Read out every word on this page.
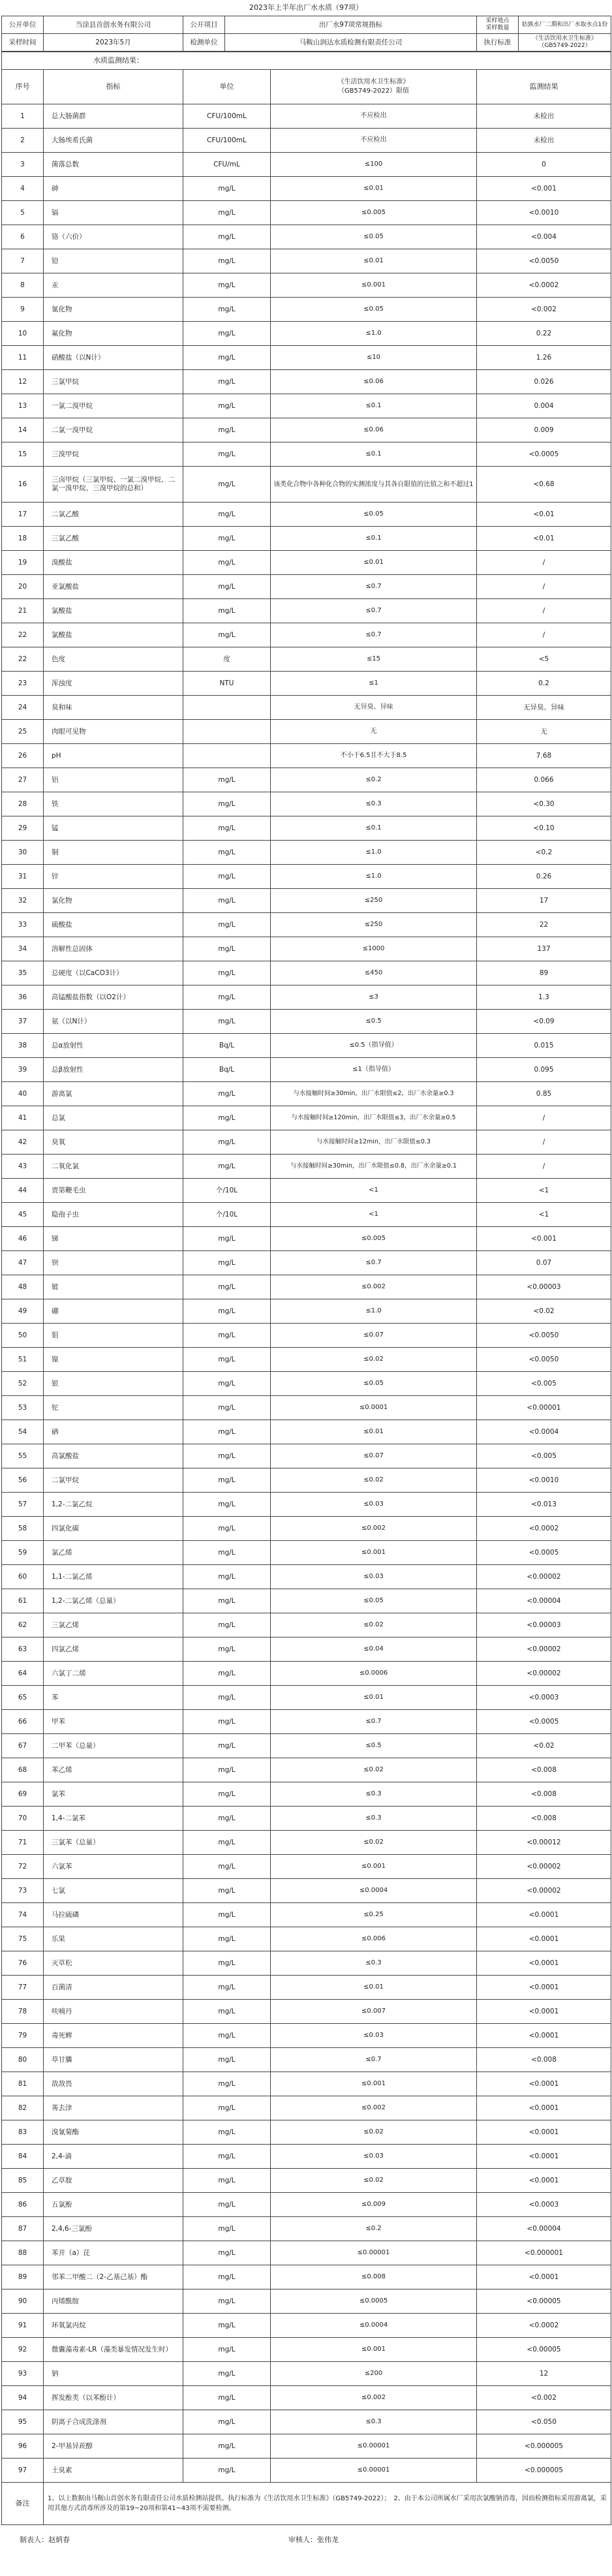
2023年上半年出厂水水质（97项）
公开单位	当涂县首创水务有限公司	公开项目	出厂水97项常规指标	采样地点
采样数量	姑孰水厂二期和出厂水取水点1份
采样时间	2023年5月	检测单位	马鞍山润达水质检测有限责任公司	执行标准	《生活饮用水卫生标准》
（GB5749-2022）
水质监测结果：				
序号	指标	单位	《生活饮用水卫生标准》
（GB5749-2022）限值	监测结果
1	总大肠菌群	CFU/100mL	不应检出	未检出
2	大肠埃希氏菌	CFU/100mL	不应检出	未检出
3	菌落总数	CFU/mL	≤100	0
4	砷	mg/L	≤0.01	<0.001
5	镉	mg/L	≤0.005	<0.0010
6	铬（六价）	mg/L	≤0.05	<0.004
7	铅	mg/L	≤0.01	<0.0050
8	汞	mg/L	≤0.001	<0.0002
9	氰化物	mg/L	≤0.05	<0.002
10	氟化物	mg/L	≤1.0	0.22
11	硝酸盐（以N计）	mg/L	≤10	1.26
12	三氯甲烷	mg/L	≤0.06	0.026
13	一氯二溴甲烷	mg/L	≤0.1	0.004
14	二氯一溴甲烷	mg/L	≤0.06	0.009
15	三溴甲烷	mg/L	≤0.1	<0.0005
16	三卤甲烷（三氯甲烷、一氯二溴甲烷、二氯一溴甲烷、三溴甲烷的总和）	mg/L	该类化合物中各种化合物的实测浓度与其各自限值的比值之和不超过1	<0.68
17	二氯乙酸	mg/L	≤0.05	<0.01
18	三氯乙酸	mg/L	≤0.1	<0.01
19	溴酸盐	mg/L	≤0.01	/
20	亚氯酸盐	mg/L	≤0.7	/
21	氯酸盐	mg/L	≤0.7	/
22	氯酸盐	mg/L	≤0.7	/
22	色度	度	≤15	<5
23	浑浊度	NTU	≤1	0.2
24	臭和味		无异臭、异味	无异臭、异味
25	肉眼可见物		无	无
26	pH		不小于6.5且不大于8.5	7.68
27	铝	mg/L	≤0.2	0.066
28	铁	mg/L	≤0.3	<0.30
29	锰	mg/L	≤0.1	<0.10
30	铜	mg/L	≤1.0	<0.2
31	锌	mg/L	≤1.0	0.26
32	氯化物	mg/L	≤250	17
33	硫酸盐	mg/L	≤250	22
34	溶解性总固体	mg/L	≤1000	137
35	总硬度（以CaCO3计）	mg/L	≤450	89
36	高锰酸盐指数（以O2计）	mg/L	≤3	1.3
37	氨（以N计）	mg/L	≤0.5	<0.09
38	总α放射性	Bq/L	≤0.5（指导值）	0.015
39	总β放射性	Bq/L	≤1（指导值）	0.095
40	游离氯	mg/L	与水接触时间≥30min，出厂水限值≤2，出厂水余量≥0.3	0.85
41	总氯	mg/L	与水接触时间≥120min，出厂水限值≤3，出厂水余量≥0.5	/
42	臭氧	mg/L	与水接触时间≥12min，出厂水限值≤0.3	/
43	二氧化氯	mg/L	与水接触时间≥30min，出厂水限值≤0.8，出厂水余量≥0.1	/
44	贾第鞭毛虫	个/10L	<1	<1
45	隐孢子虫	个/10L	<1	<1
46	锑	mg/L	≤0.005	<0.001
47	钡	mg/L	≤0.7	0.07
48	铍	mg/L	≤0.002	<0.00003
49	硼	mg/L	≤1.0	<0.02
50	钼	mg/L	≤0.07	<0.0050
51	镍	mg/L	≤0.02	<0.0050
52	银	mg/L	≤0.05	<0.005
53	铊	mg/L	≤0.0001	<0.00001
54	硒	mg/L	≤0.01	<0.0004
55	高氯酸盐	mg/L	≤0.07	<0.005
56	二氯甲烷	mg/L	≤0.02	<0.0010
57	1,2-二氯乙烷	mg/L	≤0.03	<0.013
58	四氯化碳	mg/L	≤0.002	<0.0002
59	氯乙烯	mg/L	≤0.001	<0.0005
60	1,1-二氯乙烯	mg/L	≤0.03	<0.00002
61	1,2-二氯乙烯（总量）	mg/L	≤0.05	<0.00004
62	三氯乙烯	mg/L	≤0.02	<0.00003
63	四氯乙烯	mg/L	≤0.04	<0.00002
64	六氯丁二烯	mg/L	≤0.0006	<0.00002
65	苯	mg/L	≤0.01	<0.0003
66	甲苯	mg/L	≤0.7	<0.0005
67	二甲苯（总量）	mg/L	≤0.5	<0.02
68	苯乙烯	mg/L	≤0.02	<0.008
69	氯苯	mg/L	≤0.3	<0.008
70	1,4-二氯苯	mg/L	≤0.3	<0.008
71	三氯苯（总量）	mg/L	≤0.02	<0.00012
72	六氯苯	mg/L	≤0.001	<0.00002
73	七氯	mg/L	≤0.0004	<0.00002
74	马拉硫磷	mg/L	≤0.25	<0.0001
75	乐果	mg/L	≤0.006	<0.0001
76	灭草松	mg/L	≤0.3	<0.0001
77	百菌清	mg/L	≤0.01	<0.0001
78	呋喃丹	mg/L	≤0.007	<0.0001
79	毒死蜱	mg/L	≤0.03	<0.0001
80	草甘膦	mg/L	≤0.7	<0.008
81	敌敌畏	mg/L	≤0.001	<0.0001
82	莠去津	mg/L	≤0.002	<0.0001
83	溴氰菊酯	mg/L	≤0.02	<0.0001
84	2,4-滴	mg/L	≤0.03	<0.0001
85	乙草胺	mg/L	≤0.02	<0.0001
86	五氯酚	mg/L	≤0.009	<0.0003
87	2,4,6-三氯酚	mg/L	≤0.2	<0.00004
88	苯并（a）芘	mg/L	≤0.00001	<0.000001
89	邻苯二甲酸二（2-乙基己基）酯	mg/L	≤0.008	<0.0001
90	丙烯酰胺	mg/L	≤0.0005	<0.00005
91	环氧氯丙烷	mg/L	≤0.0004	<0.0002
92	微囊藻毒素-LR（藻类暴发情况发生时）	mg/L	≤0.001	<0.00005
93	钠	mg/L	≤200	12
94	挥发酚类（以苯酚计）	mg/L	≤0.002	<0.002
95	阴离子合成洗涤剂	mg/L	≤0.3	<0.050
96	2-甲基异莰醇	mg/L	≤0.00001	<0.000005
97	土臭素	mg/L	≤0.00001	<0.000005
备注	1、以上数据由马鞍山首创水务有限责任公司水质检测站提供。执行标准为《生活饮用水卫生标准》（GB5749-2022）；　2、由于本公司所属水厂采用次氯酸钠消毒，因而检测指标采用游离氯，采用其他方式消毒所涉及的第19~20项和第41~43项不需要检测。			
制表人：赵炳春	审核人：张伟龙
